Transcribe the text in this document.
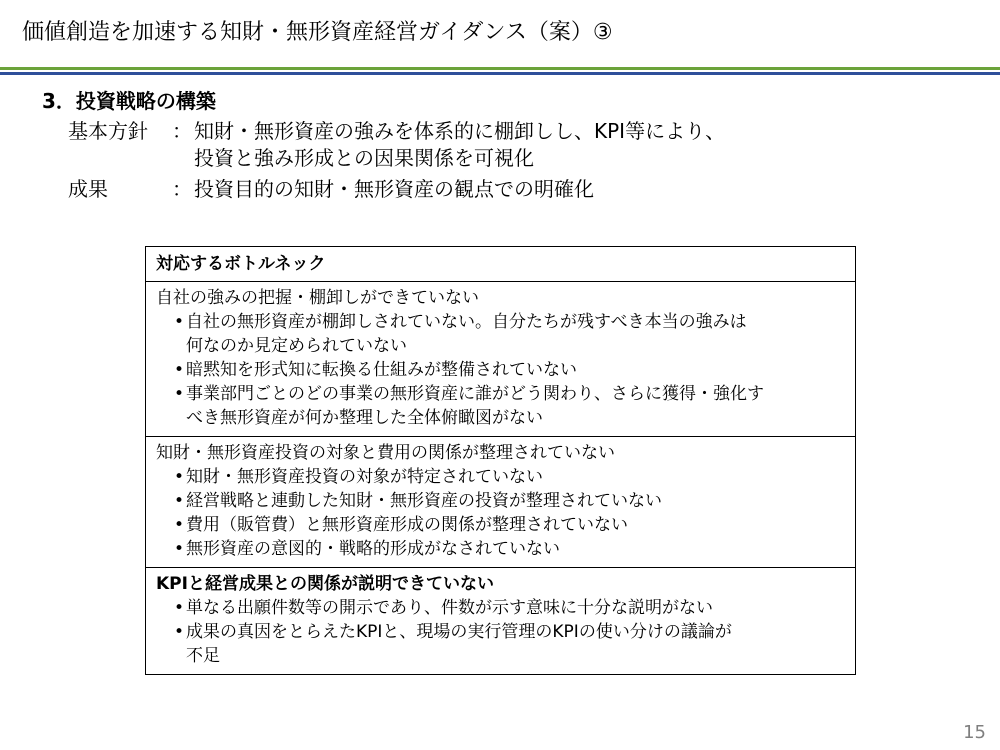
価値創造を加速する知財・無形資産経営ガイダンス（案）③
3．投資戦略の構築
基本方針 ： 知財・無形資産の強みを体系的に棚卸しし、KPI等により、
投資と強み形成との因果関係を可視化
成果	： 投資目的の知財・無形資産の観点での明確化
対応するボトルネック
自社の強みの把握・棚卸しができていない
• 自社の無形資産が棚卸しされていない。自分たちが残すべき本当の強みは
何なのか見定められていない
• 暗黙知を形式知に転換る仕組みが整備されていない
• 事業部門ごとのどの事業の無形資産に誰がどう関わり、さらに獲得・強化す
べき無形資産が何か整理した全体俯瞰図がない
知財・無形資産投資の対象と費用の関係が整理されていない
• 知財・無形資産投資の対象が特定されていない
• 経営戦略と連動した知財・無形資産の投資が整理されていない
• 費用（販管費）と無形資産形成の関係が整理されていない
• 無形資産の意図的・戦略的形成がなされていない
KPIと経営成果との関係が説明できていない
• 単なる出願件数等の開示であり、件数が示す意味に十分な説明がない
• 成果の真因をとらえたKPIと、現場の実行管理のKPIの使い分けの議論が
不足
15
